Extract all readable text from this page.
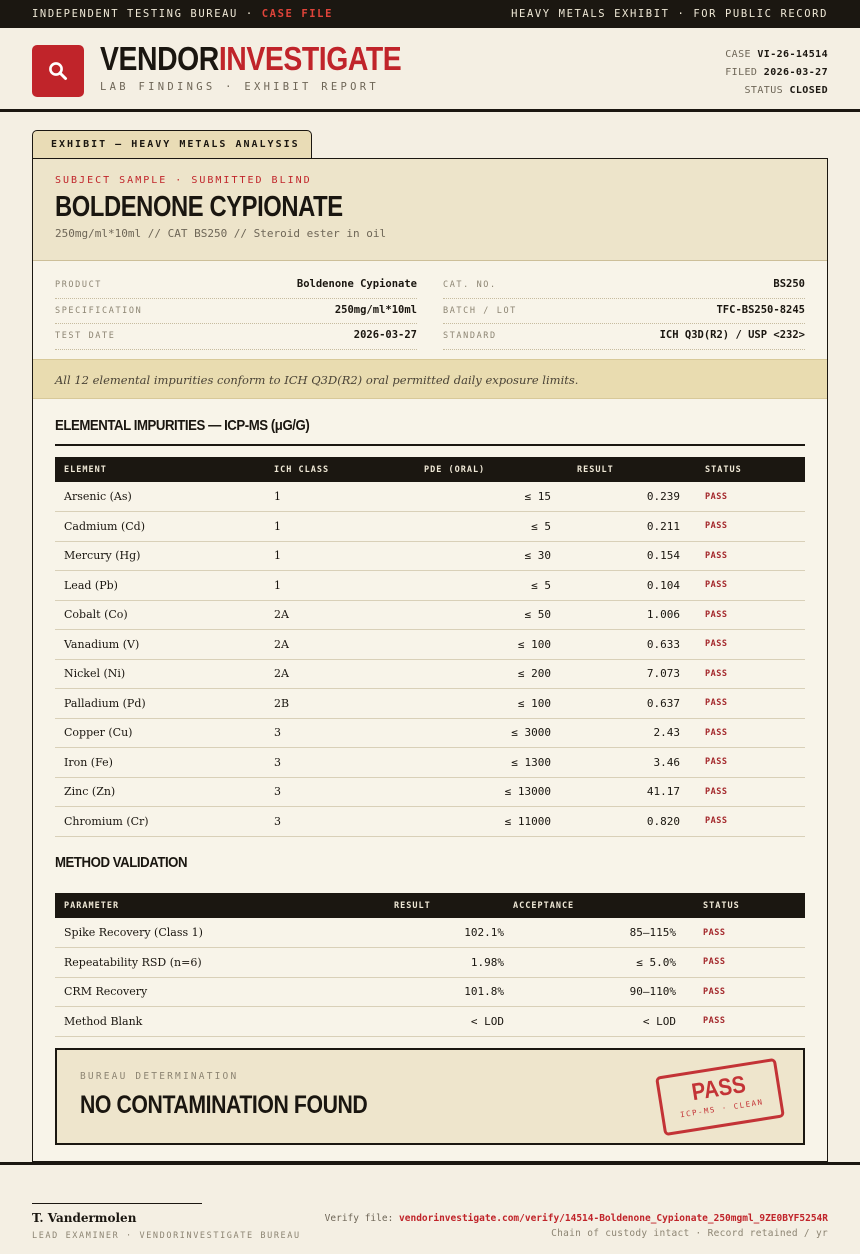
INDEPENDENT TESTING BUREAU · CASE FILE	HEAVY METALS EXHIBIT · FOR PUBLIC RECORD
VENDORINVESTIGATE
LAB FINDINGS · EXHIBIT REPORT
CASE VI-26-14514
FILED 2026-03-27
STATUS CLOSED
EXHIBIT — HEAVY METALS ANALYSIS
SUBJECT SAMPLE · SUBMITTED BLIND
BOLDENONE CYPIONATE
250mg/ml*10ml // CAT BS250 // Steroid ester in oil
PRODUCT	Boldenone Cypionate
SPECIFICATION	250mg/ml*10ml
TEST DATE	2026-03-27
CAT. NO.	BS250
BATCH / LOT	TFC-BS250-8245
STANDARD	ICH Q3D(R2) / USP <232>
All 12 elemental impurities conform to ICH Q3D(R2) oral permitted daily exposure limits.
ELEMENTAL IMPURITIES — ICP-MS (μG/G)
ELEMENT	ICH CLASS	PDE (ORAL)	RESULT	STATUS
Arsenic (As)	1	≤ 15	0.239	PASS
Cadmium (Cd)	1	≤ 5	0.211	PASS
Mercury (Hg)	1	≤ 30	0.154	PASS
Lead (Pb)	1	≤ 5	0.104	PASS
Cobalt (Co)	2A	≤ 50	1.006	PASS
Vanadium (V)	2A	≤ 100	0.633	PASS
Nickel (Ni)	2A	≤ 200	7.073	PASS
Palladium (Pd)	2B	≤ 100	0.637	PASS
Copper (Cu)	3	≤ 3000	2.43	PASS
Iron (Fe)	3	≤ 1300	3.46	PASS
Zinc (Zn)	3	≤ 13000	41.17	PASS
Chromium (Cr)	3	≤ 11000	0.820	PASS
METHOD VALIDATION
PARAMETER	RESULT	ACCEPTANCE	STATUS
Spike Recovery (Class 1)	102.1%	85–115%	PASS
Repeatability RSD (n=6)	1.98%	≤ 5.0%	PASS
CRM Recovery	101.8%	90–110%	PASS
Method Blank	< LOD	< LOD	PASS
BUREAU DETERMINATION
NO CONTAMINATION FOUND	PASS
ICP-MS · CLEAN
T. Vandermolen
LEAD EXAMINER · VENDORINVESTIGATE BUREAU
Verify file: vendorinvestigate.com/verify/14514-Boldenone_Cypionate_250mgml_9ZE0BYF5254R
Chain of custody intact · Record retained / yr
